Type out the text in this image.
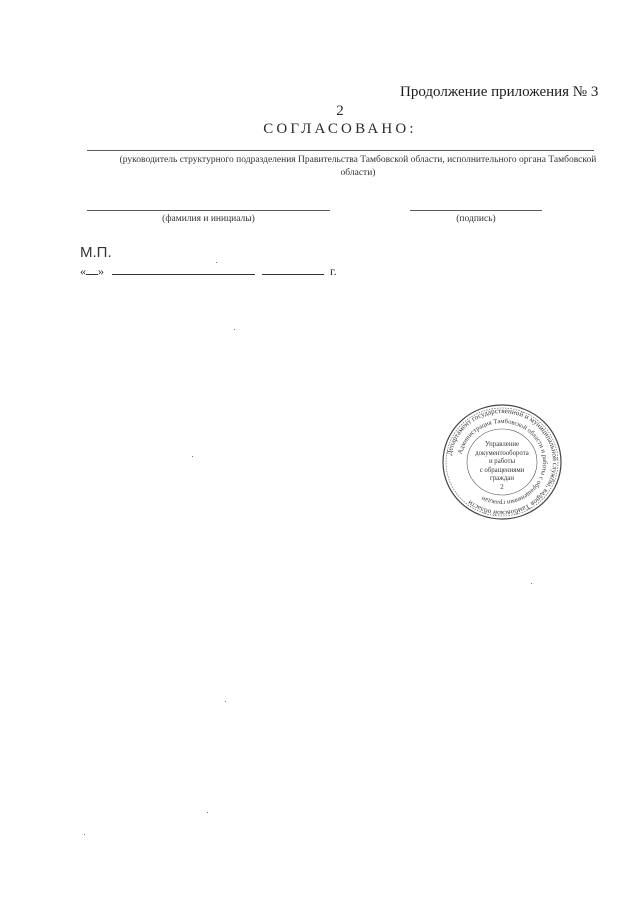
Продолжение приложения № 3
2
СОГЛАСОВАНО:
(руководитель структурного подразделения Правительства Тамбовской области, исполнительного органа Тамбовской области)
(фамилия и инициалы)	(подпись)
М.П.
« »	г.
Департамент государственной и муниципальной службы, кадров Тамбовской области
Администрация Тамбовской области и работы с обращениями граждан
Управление
документооборота
и работы
с обращениями
граждан
2
